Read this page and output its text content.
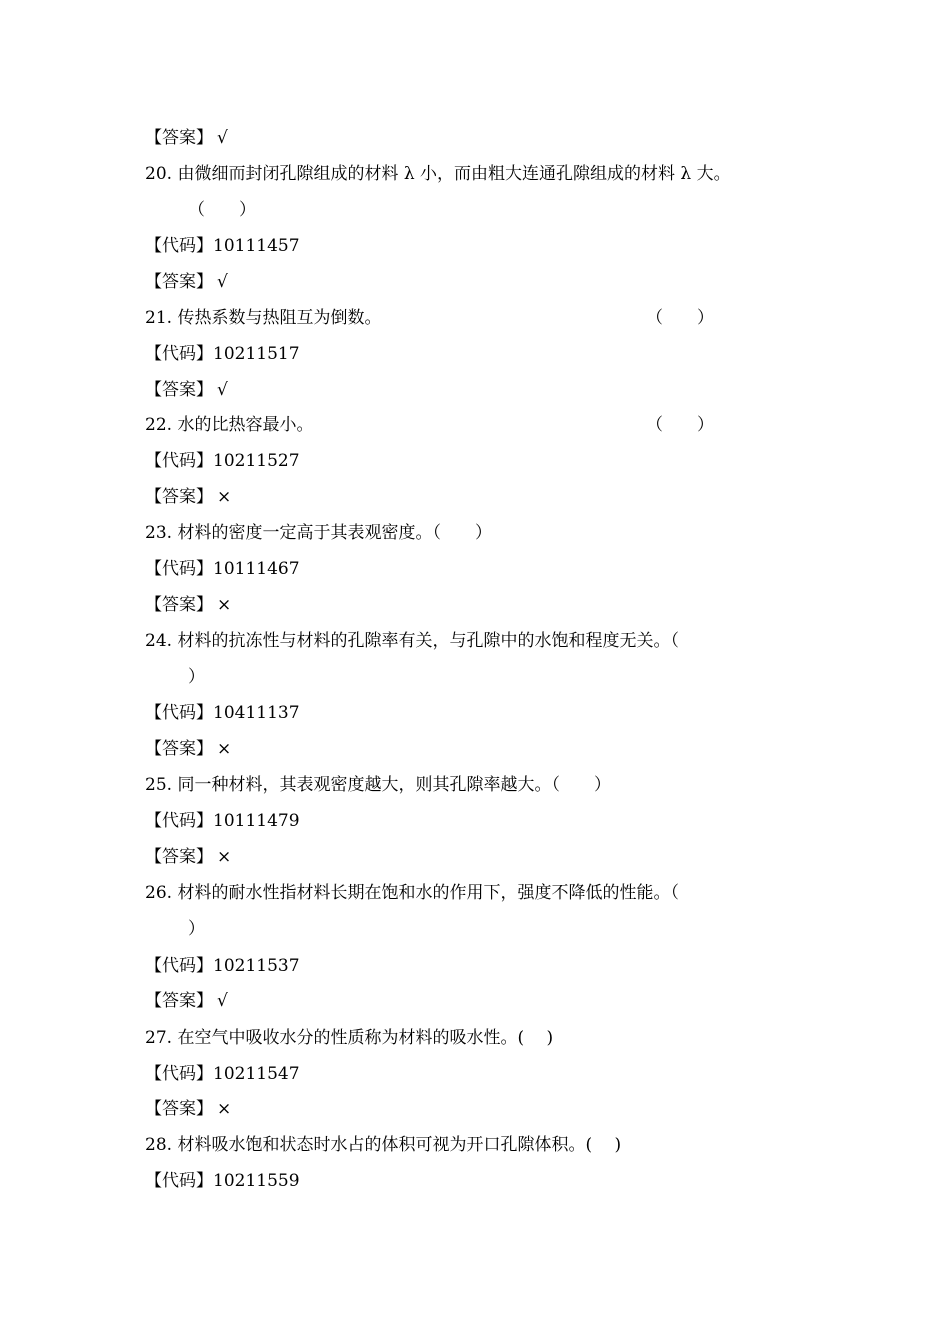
【答案】 √
20. 由微细而封闭孔隙组成的材料 λ 小，而由粗大连通孔隙组成的材料 λ 大。
（　　）
【代码】10111457
【答案】 √
21. 传热系数与热阻互为倒数。	（　　）
【代码】10211517
【答案】 √
22. 水的比热容最小。	（　　）
【代码】10211527
【答案】 ×
23. 材料的密度一定高于其表观密度。（　　）
【代码】10111467
【答案】 ×
24. 材料的抗冻性与材料的孔隙率有关，与孔隙中的水饱和程度无关。（
）
【代码】10411137
【答案】 ×
25. 同一种材料，其表观密度越大，则其孔隙率越大。（　　）
【代码】10111479
【答案】 ×
26. 材料的耐水性指材料长期在饱和水的作用下，强度不降低的性能。（
）
【代码】10211537
【答案】 √
27. 在空气中吸收水分的性质称为材料的吸水性。(　 )
【代码】10211547
【答案】 ×
28. 材料吸水饱和状态时水占的体积可视为开口孔隙体积。(　 )
【代码】10211559
